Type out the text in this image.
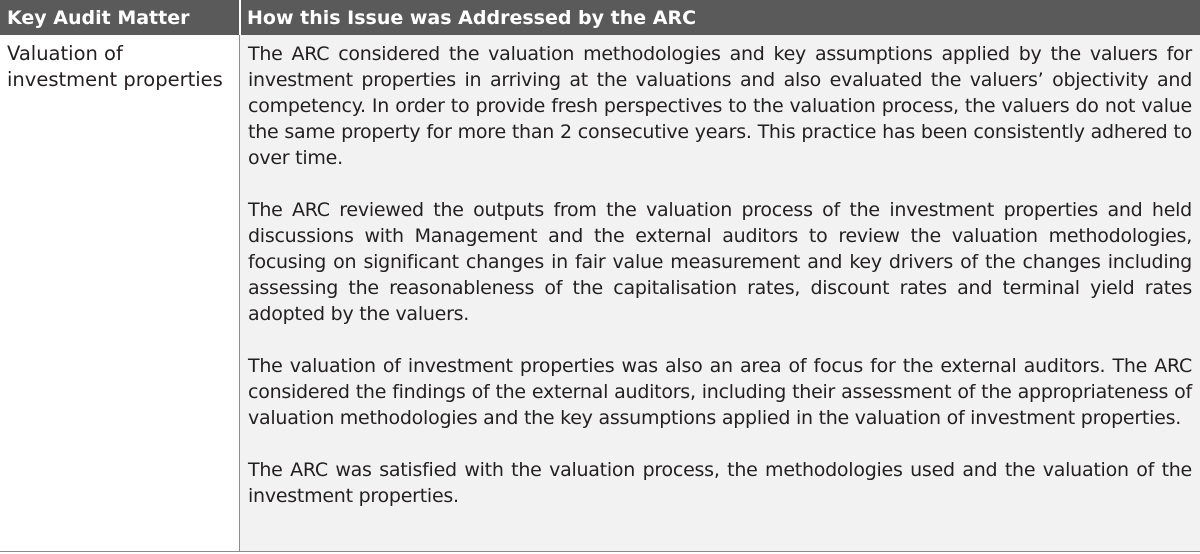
Key Audit Matter	How this Issue was Addressed by the ARC
Valuation of investment properties

The ARC considered the valuation methodologies and key assumptions applied by the valuers for investment properties in arriving at the valuations and also evaluated the valuers’ objectivity and competency. In order to provide fresh perspectives to the valuation process, the valuers do not value the same property for more than 2 consecutive years. This practice has been consistently adhered to over time.

The ARC reviewed the outputs from the valuation process of the investment properties and held discussions with Management and the external auditors to review the valuation methodologies, focusing on significant changes in fair value measurement and key drivers of the changes including assessing the reasonableness of the capitalisation rates, discount rates and terminal yield rates adopted by the valuers.

The valuation of investment properties was also an area of focus for the external auditors. The ARC considered the findings of the external auditors, including their assessment of the appropriateness of valuation methodologies and the key assumptions applied in the valuation of investment properties.

The ARC was satisfied with the valuation process, the methodologies used and the valuation of the investment properties.
